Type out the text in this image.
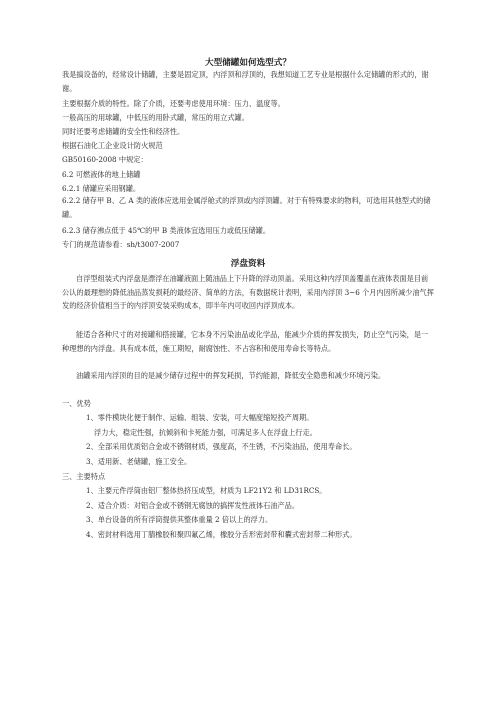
大型储罐如何选型式？
我是搞设备的，经常设计储罐，主要是固定顶，内浮顶和浮顶的，我想知道工艺专业是根据什么定储罐的形式的，谢谢。
主要根据介质的特性。除了介质，还要考虑使用环境：压力、温度等。
一般高压的用球罐，中低压的用卧式罐，常压的用立式罐。
同时还要考虑储罐的安全性和经济性。
根据石油化工企业设计防火规范
GB50160-2008 中规定：
6.2 可燃液体的地上储罐
6.2.1 储罐应采用钢罐。
6.2.2 储存甲 B、乙 A 类的液体应选用金属浮舱式的浮顶或内浮顶罐。对于有特殊要求的物料，可选用其他型式的储罐。
6.2.3 储存沸点低于 45℃的甲 B 类液体宜选用压力或低压储罐。
专门的规范请参看：sh/t3007-2007
浮盘资料
自浮型组装式内浮盘是漂浮在油罐液面上随油品上下升降的浮动顶盖。采用这种内浮顶盖覆盖在液体表面是目前公认的最理想的降低油品蒸发损耗的最经济、简单的方法，有数据统计表明，采用内浮顶 3~6 个月内因所减少油气挥发的经济价值相当于的内浮顶安装采购成本，即半年内可收回内浮顶成本。
能适合各种尺寸的对接罐和搭接罐，它本身不污染油品或化学品，能减少介质的挥发损失，防止空气污染，是一种理想的内浮盘。具有成本低，施工期短，耐腐蚀性、不占容积和使用寿命长等特点。
油罐采用内浮顶的目的是减少储存过程中的挥发耗损，节约能源，降低安全隐患和减少环境污染。
一、优势
1、零件模块化便于制作、运输、组装、安装，可大幅度缩短投产周期。
浮力大，稳定性强，抗倾斜和卡死能力强，可满足多人在浮盘上行走。
2、全部采用优质铝合金或不锈钢材质，强度高，不生锈，不污染油品，使用寿命长。
3、适用新、老储罐，施工安全。
三、主要特点
1、主要元件浮筒由铝厂整体热挤压成型，材质为 LF21Y2 和 LD31RCS。
2、适合介质：对铝合金或不锈钢无腐蚀的搞挥发性液体石油产品。
3、单台设备的所有浮筒提供其整体重量 2 倍以上的浮力。
4、密封材料选用丁腈橡胶和聚四氟乙烯，橡胶分舌形密封带和囊式密封带二种形式。
